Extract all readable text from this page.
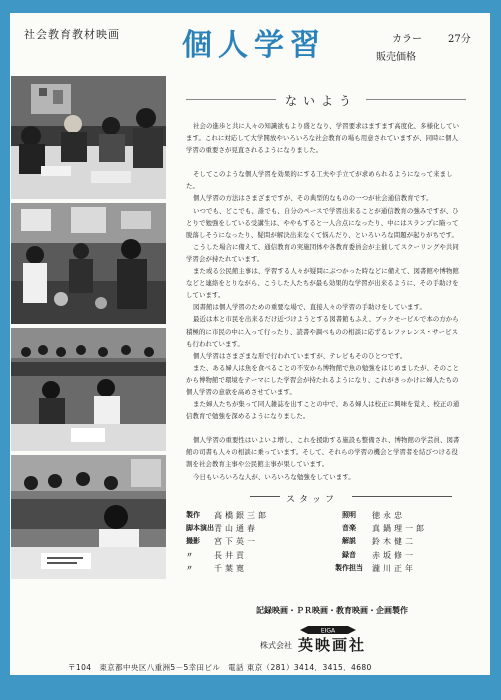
社会教育教材映画 個人学習	カラー	27分
販売価格
ないよう

社会の進歩と共に人々の知識欲もより盛となり、学習要求はますます高度化、多様化しています。これに対応して大学開放やいろいろな社会教育の場も用意されていますが、同時に個人学習の重要さが見直されるようになりました。

そしてこのような個人学習を効果的にする工夫や手立てが求められるようになって来ました。

個人学習の方法はさまざまですが、その典型的なものの一つが社会通信教育です。

いつでも、どこでも、誰でも、自分のペースで学習出来ることが通信教育の強みですが、ひとりで勉強をしている受講生は、ややもすると一人合点になったり、中にはスランプに陥って脱落しそうになったり、疑問が解決出来なくて悩んだり、といろいろな問題が起りがちです。

こうした場合に備えて、通信教育の実施団体や各教育委員会が主催してスクーリングや共同学習会が持たれています。

また或る公民館主事は、学習する人々が疑問にぶつかった時などに備えて、図書館や博物館などと連絡をとりながら、こうした人たちが最も効果的な学習が出来るように、その手助けをしています。

図書館は個人学習のための重要な場で、直接人々の学習の手助けをしています。

最近は本と市民を出来るだけ近づけようとする図書館もふえ、ブックモービルで本の方から積極的に市民の中に入って行ったり、読書や調べものの相談に応ずるレファレンス・サービスも行われています。

個人学習はさまざまな形で行われていますが、テレビもそのひとつです。

また、ある婦人は魚を食べることの不安から博物館で魚の勉強をはじめましたが、そのことから博物館で環境をテーマにした学習会が持たれるようになり、これがきっかけに婦人たちの個人学習の意欲を高めさせています。

また婦人たちが集って同人雑誌を出すことの中で、ある婦人は校正に興味を覚え、校正の通信教育で勉強を深めるようになりました。

個人学習の重要性はいよいよ増し、これを援助する施設も整備され、博物館の学芸員、図書館の司書も人々の相談に乗っています。そして、それらの学習の機会と学習者を結びつける役割を社会教育主事や公民館主事が果しています。

今日もいろいろな人が、いろいろな勉強をしています。

スタッフ
製作	高橋銀三郎	照明	徳永忠
脚本演出 青山通春	音楽	真鍋理一郎
撮影	宮下英一	解説	鈴木健二
〃	長井貢	録音	赤坂修一
〃	千葉寛	製作担当	瀧川正年
記録映画・ＰＲ映画・教育映画・企画製作
EIGA
株式会社 英映画社
〒104　東京都中央区八重洲5－5幸田ビル　電話 東京（281）3414．3415．4680
